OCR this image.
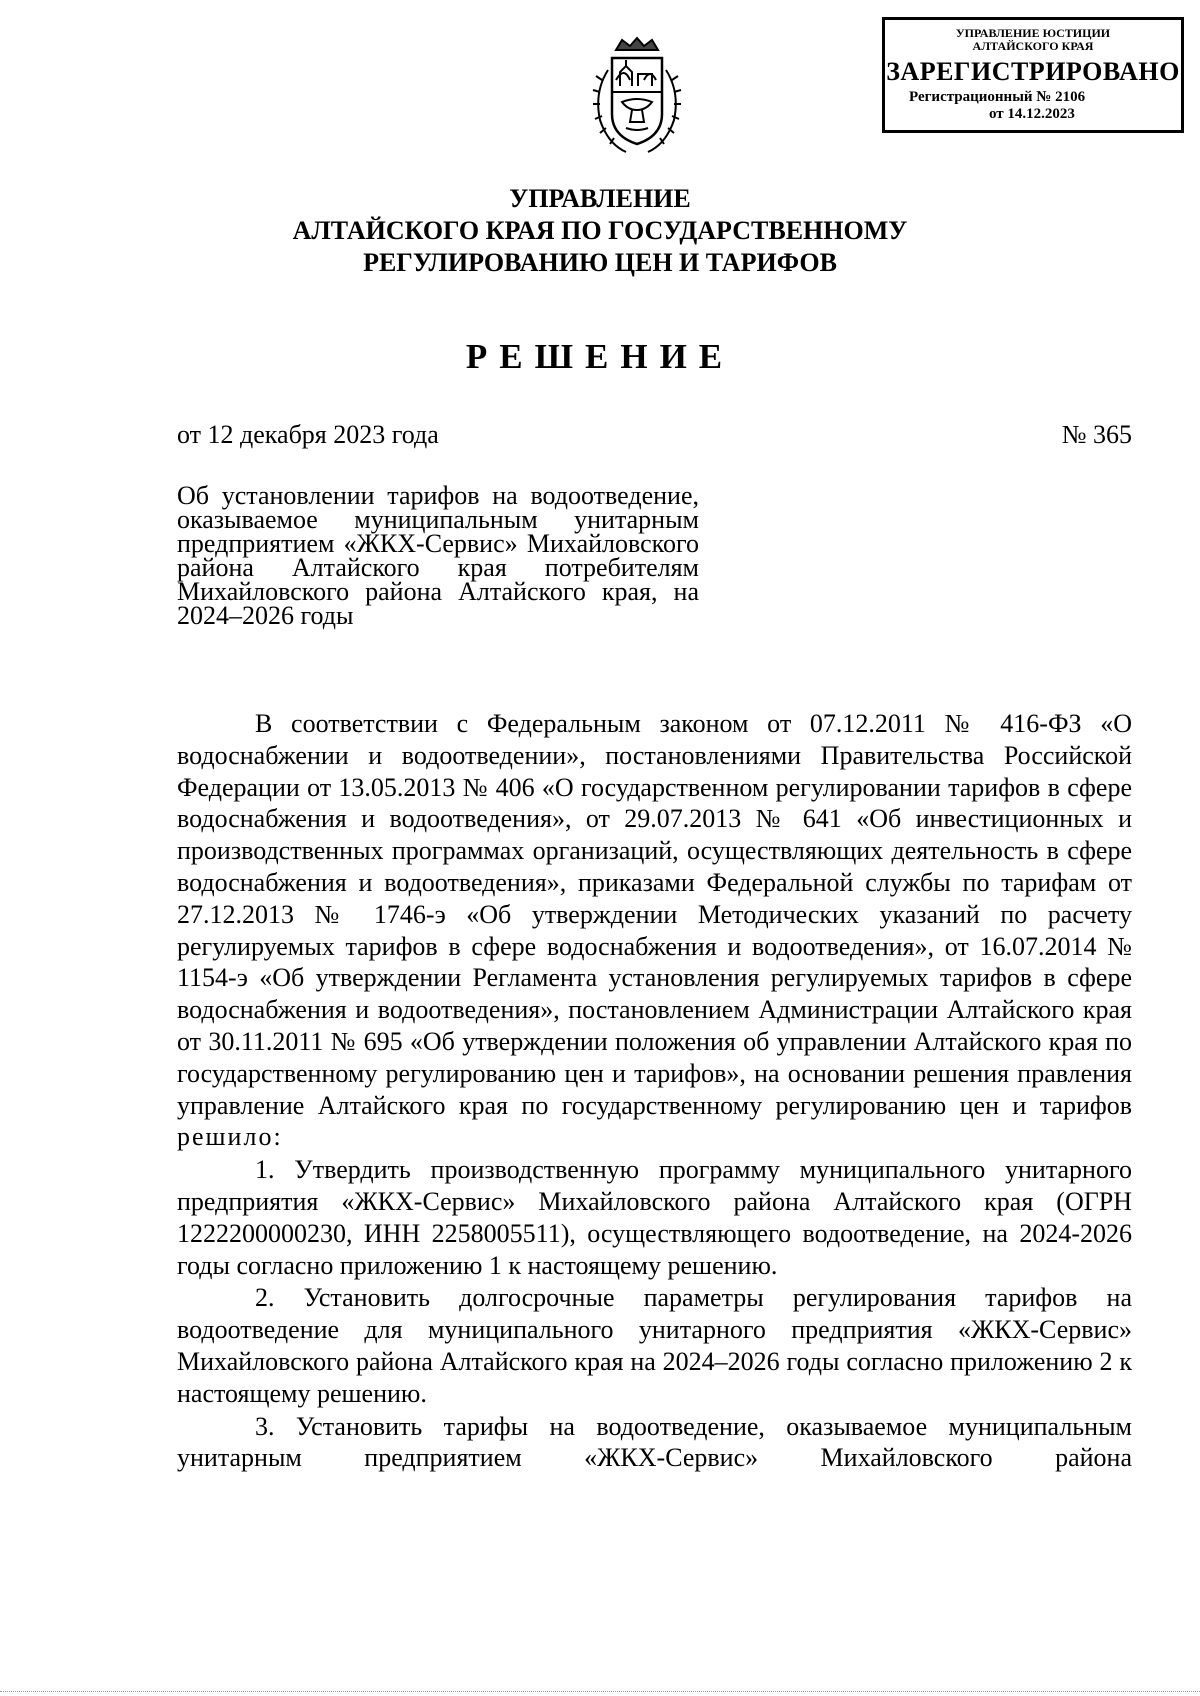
УПРАВЛЕНИЕ ЮСТИЦИИ
АЛТАЙСКОГО КРАЯ
ЗАРЕГИСТРИРОВАНО
Регистрационный № 2106
от 14.12.2023
УПРАВЛЕНИЕ
АЛТАЙСКОГО КРАЯ ПО ГОСУДАРСТВЕННОМУ
РЕГУЛИРОВАНИЮ ЦЕН И ТАРИФОВ
РЕШЕНИЕ
от 12 декабря 2023 года	№ 365
Об установлении тарифов на водоотведение, оказываемое муниципальным унитарным предприятием «ЖКХ-Сервис» Михайловского района Алтайского края потребителям Михайловского района Алтайского края, на 2024–2026 годы

В соответствии с Федеральным законом от 07.12.2011 № 416-ФЗ «О водоснабжении и водоотведении», постановлениями Правительства Российской Федерации от 13.05.2013 № 406 «О государственном регулировании тарифов в сфере водоснабжения и водоотведения», от 29.07.2013 № 641 «Об инвестиционных и производственных программах организаций, осуществляющих деятельность в сфере водоснабжения и водоотведения», приказами Федеральной службы по тарифам от 27.12.2013 № 1746-э «Об утверждении Методических указаний по расчету регулируемых тарифов в сфере водоснабжения и водоотведения», от 16.07.2014 № 1154-э «Об утверждении Регламента установления регулируемых тарифов в сфере водоснабжения и водоотведения», постановлением Администрации Алтайского края от 30.11.2011 № 695 «Об утверждении положения об управлении Алтайского края по государственному регулированию цен и тарифов», на основании решения правления управление Алтайского края по государственному регулированию цен и тарифов решило:

1. Утвердить производственную программу муниципального унитарного предприятия «ЖКХ-Сервис» Михайловского района Алтайского края (ОГРН 1222200000230, ИНН 2258005511), осуществляющего водоотведение, на 2024-2026 годы согласно приложению 1 к настоящему решению.

2. Установить долгосрочные параметры регулирования тарифов на водоотведение для муниципального унитарного предприятия «ЖКХ-Сервис» Михайловского района Алтайского края на 2024–2026 годы согласно приложению 2 к настоящему решению.

3. Установить тарифы на водоотведение, оказываемое муниципальным унитарным предприятием «ЖКХ-Сервис» Михайловского района
